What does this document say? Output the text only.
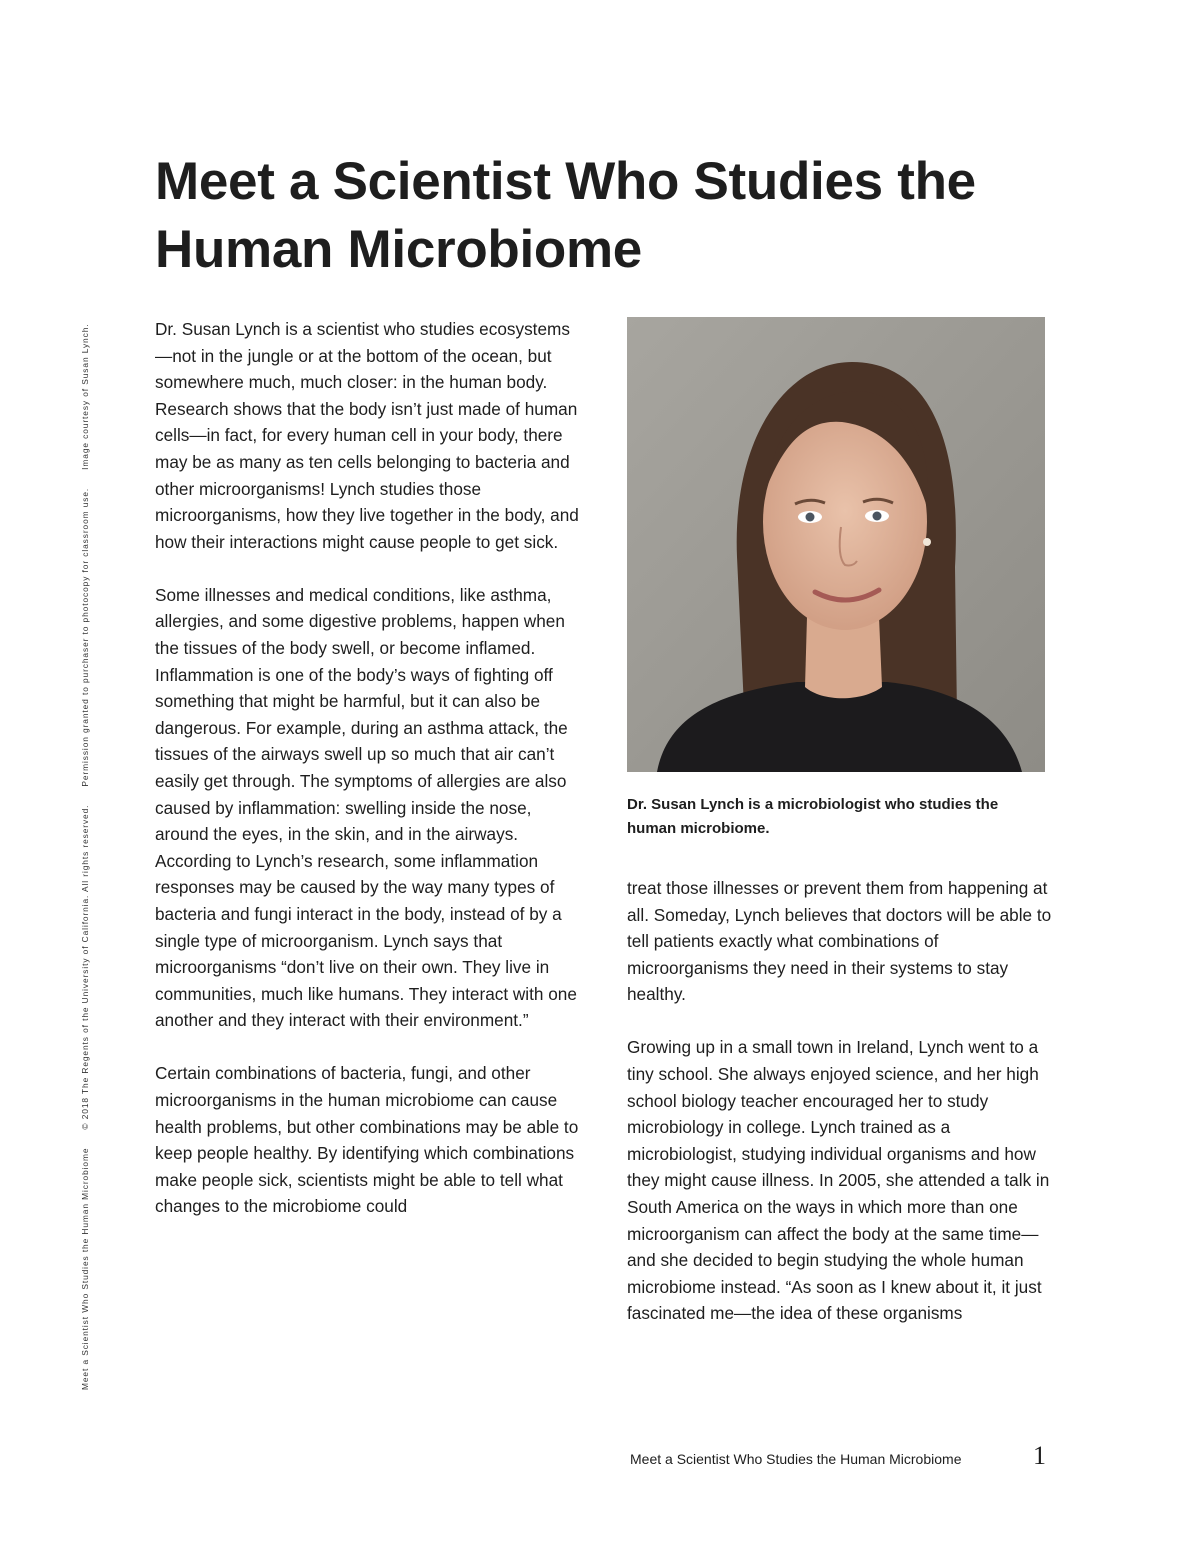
Meet a Scientist Who Studies the Human Microbiome© 2018 The Regents of the University of California. All rights reserved.Permission granted to purchaser to photocopy for classroom use.Image courtesy of Susan Lynch.
Meet a Scientist Who Studies the Human Microbiome

Dr. Susan Lynch is a scientist who studies ecosystems—not in the jungle or at the bottom of the ocean, but somewhere much, much closer: in the human body. Research shows that the body isn’t just made of human cells—in fact, for every human cell in your body, there may be as many as ten cells belonging to bacteria and other microorganisms! Lynch studies those microorganisms, how they live together in the body, and how their interactions might cause people to get sick.

Some illnesses and medical conditions, like asthma, allergies, and some digestive problems, happen when the tissues of the body swell, or become inflamed. Inflammation is one of the body’s ways of fighting off something that might be harmful, but it can also be dangerous. For example, during an asthma attack, the tissues of the airways swell up so much that air can’t easily get through. The symptoms of allergies are also caused by inflammation: swelling inside the nose, around the eyes, in the skin, and in the airways. According to Lynch’s research, some inflammation responses may be caused by the way many types of bacteria and fungi interact in the body, instead of by a single type of microorganism. Lynch says that microorganisms “don’t live on their own. They live in communities, much like humans. They interact with one another and they interact with their environment.”

Certain combinations of bacteria, fungi, and other microorganisms in the human microbiome can cause health problems, but other combinations may be able to keep people healthy. By identifying which combinations make people sick, scientists might be able to tell what changes to the microbiome could

Dr. Susan Lynch is a microbiologist who studies the human microbiome.

treat those illnesses or prevent them from happening at all. Someday, Lynch believes that doctors will be able to tell patients exactly what combinations of microorganisms they need in their systems to stay healthy.

Growing up in a small town in Ireland, Lynch went to a tiny school. She always enjoyed science, and her high school biology teacher encouraged her to study microbiology in college. Lynch trained as a microbiologist, studying individual organisms and how they might cause illness. In 2005, she attended a talk in South America on the ways in which more than one microorganism can affect the body at the same time—and she decided to begin studying the whole human microbiome instead. “As soon as I knew about it, it just fascinated me—the idea of these organisms

Meet a Scientist Who Studies the Human Microbiome	1
